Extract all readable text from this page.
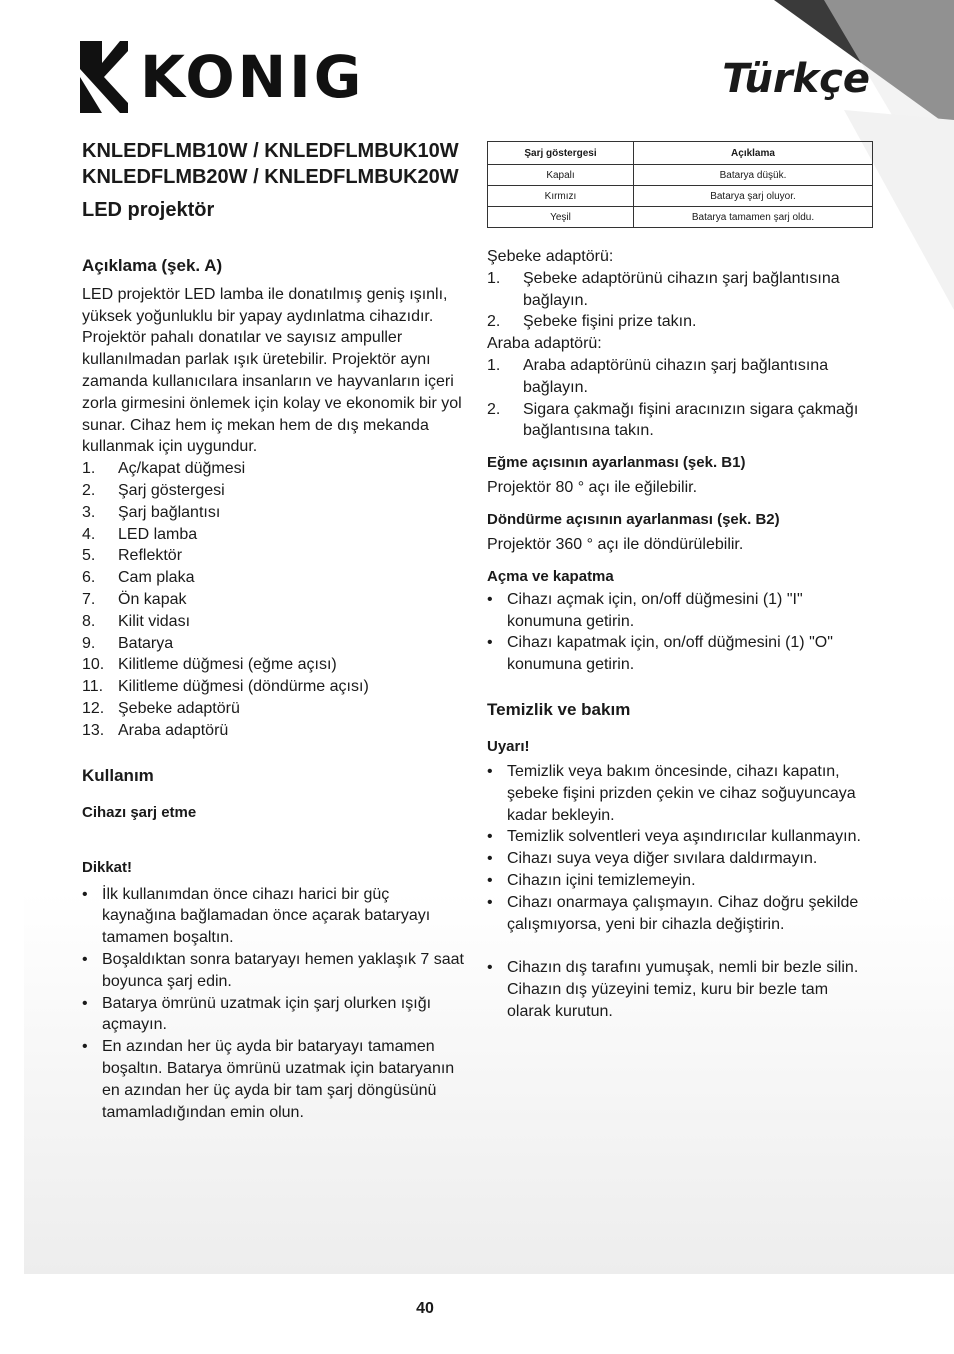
KONIG	Türkçe

KNLEDFLMB10W / KNLEDFLMBUK10W

KNLEDFLMB20W / KNLEDFLMBUK20W

LED projektör

Açıklama (şek. A)

LED projektör LED lamba ile donatılmış geniş ışınlı, yüksek yoğunluklu bir yapay aydınlatma cihazıdır. Projektör pahalı donatılar ve sayısız ampuller kullanılmadan parlak ışık üretebilir. Projektör aynı zamanda kullanıcılara insanların ve hayvanların içeri zorla girmesini önlemek için kolay ve ekonomik bir yol sunar. Cihaz hem iç mekan hem de dış mekanda kullanmak için uygundur.

1.	Aç/kapat düğmesi
2.	Şarj göstergesi
3.	Şarj bağlantısı
4.	LED lamba
5.	Reflektör
6.	Cam plaka
7.	Ön kapak
8.	Kilit vidası
9.	Batarya
10. Kilitleme düğmesi (eğme açısı)
11. Kilitleme düğmesi (döndürme açısı)
12. Şebeke adaptörü
13. Araba adaptörü
Kullanım
Cihazı şarj etme
Dikkat!
• İlk kullanımdan önce cihazı harici bir güç kaynağına bağlamadan önce açarak bataryayı tamamen boşaltın.
• Boşaldıktan sonra bataryayı hemen yaklaşık 7 saat boyunca şarj edin.
• Batarya ömrünü uzatmak için şarj olurken ışığı açmayın.
• En azından her üç ayda bir bataryayı tamamen boşaltın. Batarya ömrünü uzatmak için bataryanın en azından her üç ayda bir tam şarj döngüsünü tamamladığından emin olun.
Şarj göstergesi	Açıklama
Kapalı	Batarya düşük.
Kırmızı	Batarya şarj oluyor.
Yeşil	Batarya tamamen şarj oldu.

Şebeke adaptörü:

1.	Şebeke adaptörünü cihazın şarj bağlantısına bağlayın.
2.	Şebeke fişini prize takın.

Araba adaptörü:

1.	Araba adaptörünü cihazın şarj bağlantısına bağlayın.
2.	Sigara çakmağı fişini aracınızın sigara çakmağı bağlantısına takın.
Eğme açısının ayarlanması (şek. B1)

Projektör 80 ° açı ile eğilebilir.

Döndürme açısının ayarlanması (şek. B2)

Projektör 360 ° açı ile döndürülebilir.

Açma ve kapatma
• Cihazı açmak için, on/off düğmesini (1) "I" konumuna getirin.
• Cihazı kapatmak için, on/off düğmesini (1) "O" konumuna getirin.
Temizlik ve bakım
Uyarı!
• Temizlik veya bakım öncesinde, cihazı kapatın, şebeke fişini prizden çekin ve cihaz soğuyuncaya kadar bekleyin.
• Temizlik solventleri veya aşındırıcılar kullanmayın.
• Cihazı suya veya diğer sıvılara daldırmayın.
• Cihazın içini temizlemeyin.
• Cihazı onarmaya çalışmayın. Cihaz doğru şekilde çalışmıyorsa, yeni bir cihazla değiştirin.
• Cihazın dış tarafını yumuşak, nemli bir bezle silin. Cihazın dış yüzeyini temiz, kuru bir bezle tam olarak kurutun.
40
